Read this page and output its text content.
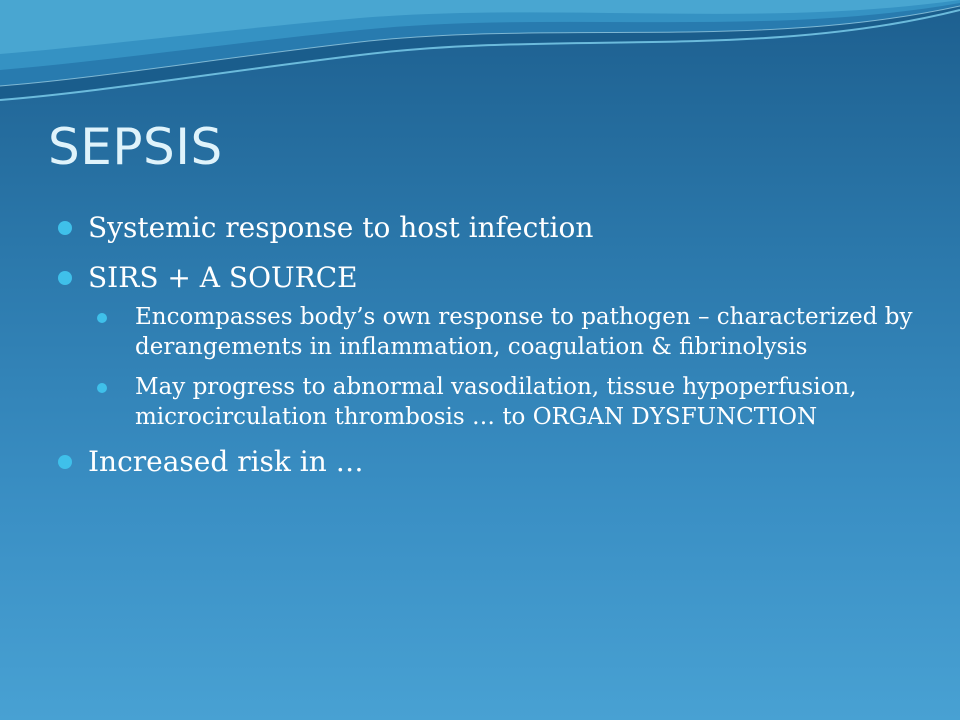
SEPSIS
Systemic response to host infection
SIRS + A SOURCE
Encompasses body’s own response to pathogen – characterized by derangements in inflammation, coagulation & fibrinolysis
May progress to abnormal vasodilation, tissue hypoperfusion, microcirculation thrombosis … to ORGAN DYSFUNCTION
Increased risk in …
